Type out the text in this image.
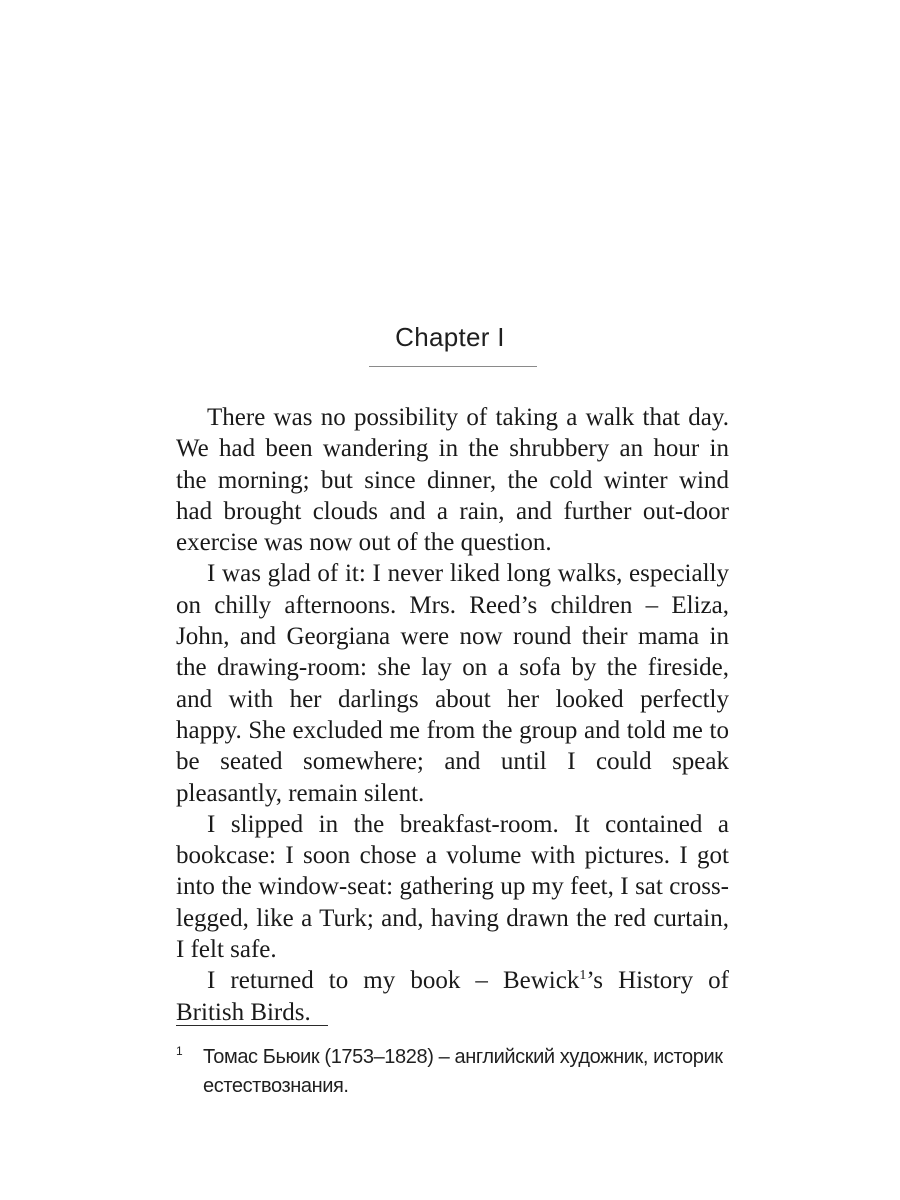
Chapter I

There was no possibility of taking a walk that day. We had been wandering in the shrubbery an hour in the morning; but since dinner, the cold winter wind had brought clouds and a rain, and further out-door exercise was now out of the question.

I was glad of it: I never liked long walks, especially on chilly afternoons. Mrs. Reed’s children – Eliza, John, and Georgiana were now round their mama in the drawing-room: she lay on a sofa by the fireside, and with her darlings about her looked perfectly happy. She excluded me from the group and told me to be seated somewhere; and until I could speak pleasantly, remain silent.

I slipped in the breakfast-room. It contained a bookcase: I soon chose a volume with pictures. I got into the window-seat: gathering up my feet, I sat cross-legged, like a Turk; and, having drawn the red curtain, I felt safe.

I returned to my book – Bewick$^1$’s History of British Birds.

1 Томас Бьюик (1753–1828) – английский художник, историк естествознания.
